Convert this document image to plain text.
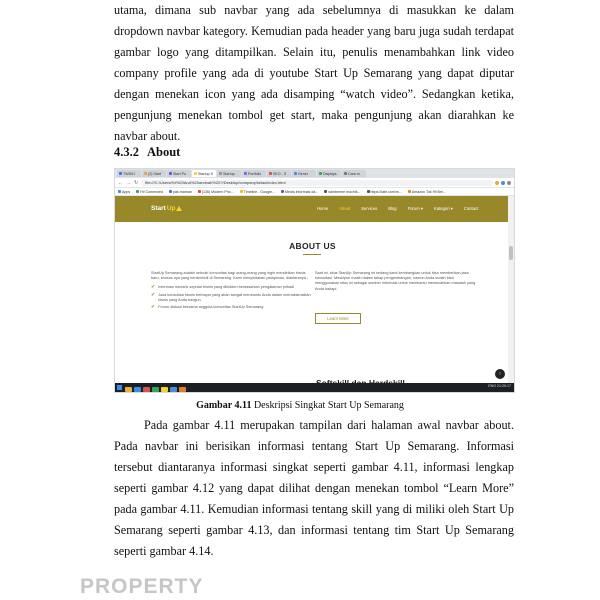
utama, dimana sub navbar yang ada sebelumnya di masukkan ke dalam dropdown navbar kategory. Kemudian pada header yang baru juga sudah terdapat gambar logo yang ditampilkan. Selain itu, penulis menambahkan link video company profile yang ada di youtube Start Up Semarang yang dapat diputar dengan menekan icon yang ada disamping “watch video”. Sedangkan ketika, pengunjung menekan tombol get start, maka pengunjung akan diarahkan ke navbar about.

4.3.2 About
TWD01	(2) Start	Start Pu	Startup S	Startup	Portfolio	SEO - S	Gener	Displays	Cara m
← → ↻	file:///C:/Users/94%20And%20andnah%20?/Desktop/company/kelas/index.html
Apps	Hi! Connected	pak.maman	(136) Modern Pho...	Timeline - Google...	Media informasi da...	sdmbeeee mochik...	https://late.com/m...	Amazon Tok 99 Bei...
Start Up	Home	About	Services	Blog	Forum ▾	Kategori ▾	Contact
ABOUT US

StartUp Semarang adalah sebuah komunitas bagi orang-orang yang ingin mendirikan bisnis baru, khusus nya yang berdomisili di Semarang. Kami menyediakan pelayanan, diantaranya :

✔ Informasi menarik seputar bisnis yang dihidden berdasarkan pengalaman pribadi
✔ Jasa konsultasi bisnis berbayar yang akan sangat membantu Anda dalam memaksimalkan bisnis yang Anda bangun.
✔ Forum diskusi bersama anggota komunitas StartUp Semarang

Saat ini, situs StartUp Semarang ini sedang kami kembangkan untuk bisa memberikan jasa konsultasi. Meskipun masih dalam tahap pengembangan, namun Anda sudah bisa menggunakan situs ini sebagai sumber informasi untuk membantu memecahkan masalah yang Anda hadapi.

Learn More
↑
ENG 21:29:17
Gambar 4.11 Deskripsi Singkat Start Up Semarang

Pada gambar 4.11 merupakan tampilan dari halaman awal navbar about. Pada navbar ini berisikan informasi tentang Start Up Semarang. Informasi tersebut diantaranya informasi singkat seperti gambar 4.11, informasi lengkap seperti gambar 4.12 yang dapat dilihat dengan menekan tombol “Learn More” pada gambar 4.11. Kemudian informasi tentang skill yang di miliki oleh Start Up Semarang seperti gambar 4.13, dan informasi tentang tim Start Up Semarang seperti gambar 4.14.

PROPERTY
